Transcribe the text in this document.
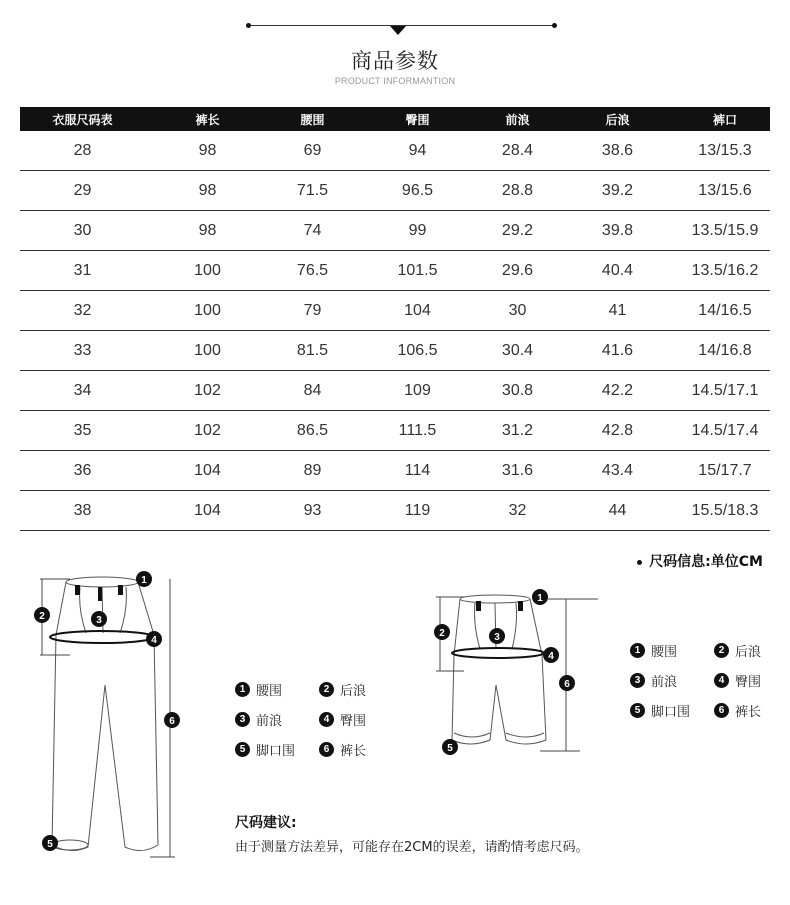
商品参数
PRODUCT INFORMANTION
衣服尺码表	裤长	腰围	臀围	前浪	后浪	裤口
28	98	69	94	28.4	38.6	13/15.3
29	98	71.5	96.5	28.8	39.2	13/15.6
30	98	74	99	29.2	39.8	13.5/15.9
31	100	76.5	101.5	29.6	40.4	13.5/16.2
32	100	79	104	30	41	14/16.5
33	100	81.5	106.5	30.4	41.6	14/16.8
34	102	84	109	30.8	42.2	14.5/17.1
35	102	86.5	111.5	31.2	42.8	14.5/17.4
36	104	89	114	31.6	43.4	15/17.7
38	104	93	119	32	44	15.5/18.3
尺码信息:单位CM
1
2	3
4
5
6
1 腰围	2 后浪
3 前浪	4 臀围
5 脚口围	6 裤长
1
2	3
4
5
6
1 腰围	2 后浪
3 前浪	4 臀围
5 脚口围	6 裤长
尺码建议:
由于测量方法差异，可能存在2CM的误差，请酌情考虑尺码。
